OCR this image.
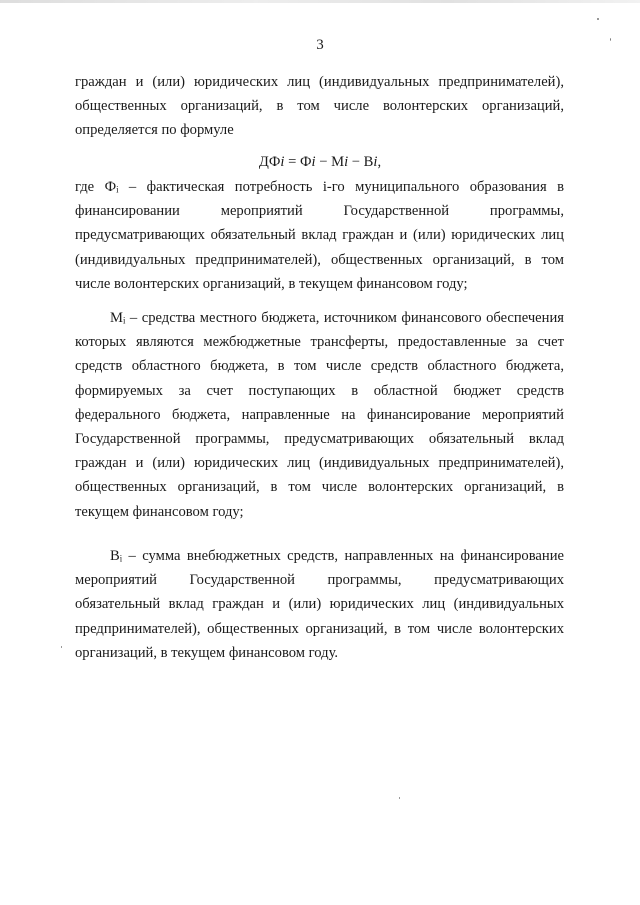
3
граждан и (или) юридических лиц (индивидуальных предпринимателей), общественных организаций, в том числе волонтерских организаций, определяется по формуле
ДФi = Фi − Мi − Вi,
где Фᵢ – фактическая потребность i-го муниципального образования в финансировании мероприятий Государственной программы, предусматривающих обязательный вклад граждан и (или) юридических лиц (индивидуальных предпринимателей), общественных организаций, в том числе волонтерских организаций, в текущем финансовом году;
Mᵢ – средства местного бюджета, источником финансового обеспечения которых являются межбюджетные трансферты, предоставленные за счет средств областного бюджета, в том числе средств областного бюджета, формируемых за счет поступающих в областной бюджет средств федерального бюджета, направленные на финансирование мероприятий Государственной программы, предусматривающих обязательный вклад граждан и (или) юридических лиц (индивидуальных предпринимателей), общественных организаций, в том числе волонтерских организаций, в текущем финансовом году;
Вᵢ – сумма внебюджетных средств, направленных на финансирование мероприятий Государственной программы, предусматривающих обязательный вклад граждан и (или) юридических лиц (индивидуальных предпринимателей), общественных организаций, в том числе волонтерских организаций, в текущем финансовом году.
